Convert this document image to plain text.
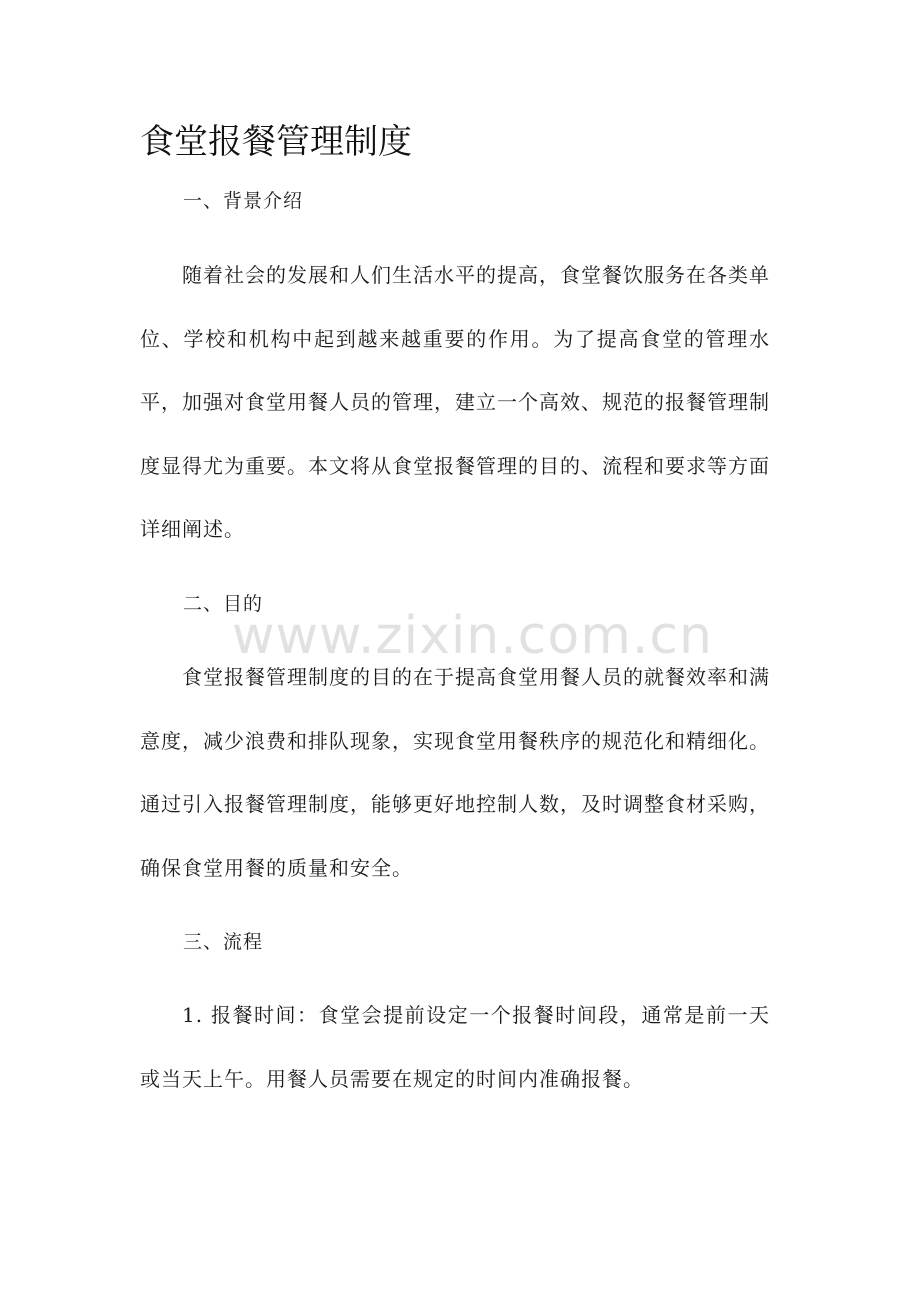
食堂报餐管理制度
一、背景介绍

随着社会的发展和人们生活水平的提高，食堂餐饮服务在各类单位、学校和机构中起到越来越重要的作用。为了提高食堂的管理水平，加强对食堂用餐人员的管理，建立一个高效、规范的报餐管理制度显得尤为重要。本文将从食堂报餐管理的目的、流程和要求等方面详细阐述。

二、目的

食堂报餐管理制度的目的在于提高食堂用餐人员的就餐效率和满意度，减少浪费和排队现象，实现食堂用餐秩序的规范化和精细化。通过引入报餐管理制度，能够更好地控制人数，及时调整食材采购，确保食堂用餐的质量和安全。

三、流程

1. 报餐时间：食堂会提前设定一个报餐时间段，通常是前一天或当天上午。用餐人员需要在规定的时间内准确报餐。

www.zixin.com.cn
